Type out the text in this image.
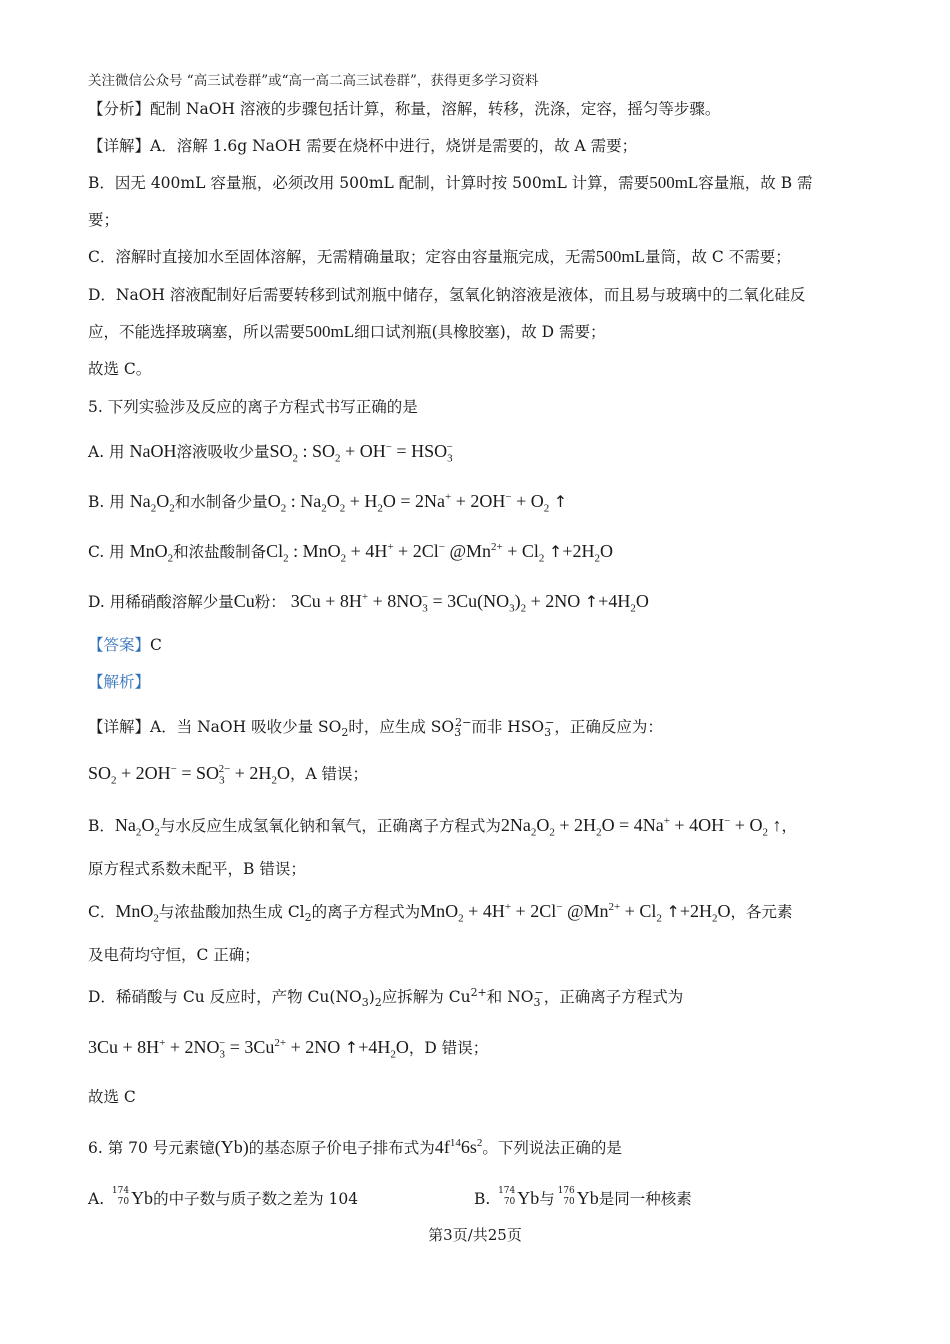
关注微信公众号 “高三试卷群”或“高一高二高三试卷群”，获得更多学习资料
【分析】配制 NaOH 溶液的步骤包括计算，称量，溶解，转移，洗涤，定容，摇匀等步骤。
【详解】A．溶解 1.6g NaOH 需要在烧杯中进行，烧饼是需要的，故 A 需要；
B．因无 400mL 容量瓶，必须改用 500mL 配制，计算时按 500mL 计算，需要500mL容量瓶，故 B 需
要；
C．溶解时直接加水至固体溶解，无需精确量取；定容由容量瓶完成，无需500mL量筒，故 C 不需要；
D．NaOH 溶液配制好后需要转移到试剂瓶中储存，氢氧化钠溶液是液体，而且易与玻璃中的二氧化硅反
应，不能选择玻璃塞，所以需要500mL细口试剂瓶(具橡胶塞)，故 D 需要；
故选 C。
5. 下列实验涉及反应的离子方程式书写正确的是
A. 用 NaOH溶液吸收少量$SO_2$ : $SO_2 + OH^- = HSO_3^-$
B. 用 $Na_2O_2$和水制备少量$O_2$ : $Na_2O_2 + H_2O = 2Na^+ + 2OH^- + O_2$ ↑
C. 用 MnO$_2$和浓盐酸制备$Cl_2$ : MnO$_2$ + 4H+ + 2Cl− $@Mn^{2+} + Cl_2$ $↑+2H_2O$
D. 用稀硝酸溶解少量Cu粉： $3Cu + 8H^+ + 8NO_3^- = 3Cu(NO_3)_2 + 2NO$ $↑+4H_2O$
【答案】C
【解析】
【详解】A．当 NaOH 吸收少量 $SO_2$时，应生成 $SO_3^{2-}$而非 $HSO_3^-$，正确反应为：
$SO_2 + 2OH^- = SO_3^{2-} + 2H_2O$，A 错误；
B．$Na_2O_2$与水反应生成氢氧化钠和氧气，正确离子方程式为$2Na_2O_2 + 2H_2O = 4Na^+ + 4OH^- + O_2$ ↑，
原方程式系数未配平，B 错误；
C．MnO$_2$与浓盐酸加热生成 $Cl_2$的离子方程式为MnO$_2$ + 4H+ + 2Cl− $@Mn^{2+} + Cl_2$ $↑+2H_2O$，各元素
及电荷均守恒，C 正确；
D．稀硝酸与 Cu 反应时，产物 $Cu(NO_3)_2$应拆解为 $Cu^{2+}$和 $NO_3^-$，正确离子方程式为
$3Cu + 8H^+ + 2NO_3^- = 3Cu^{2+} + 2NO$ $↑+4H_2O$，D 错误；
故选 C
6. 第 70 号元素镱(Yb)的基态原子价电子排布式为$4f^{14}6s^2$。下列说法正确的是
A. 174
70 Yb的中子数与质子数之差为 104	B. 174
70 Yb与 176
70 Yb是同一种核素
第3页/共25页
